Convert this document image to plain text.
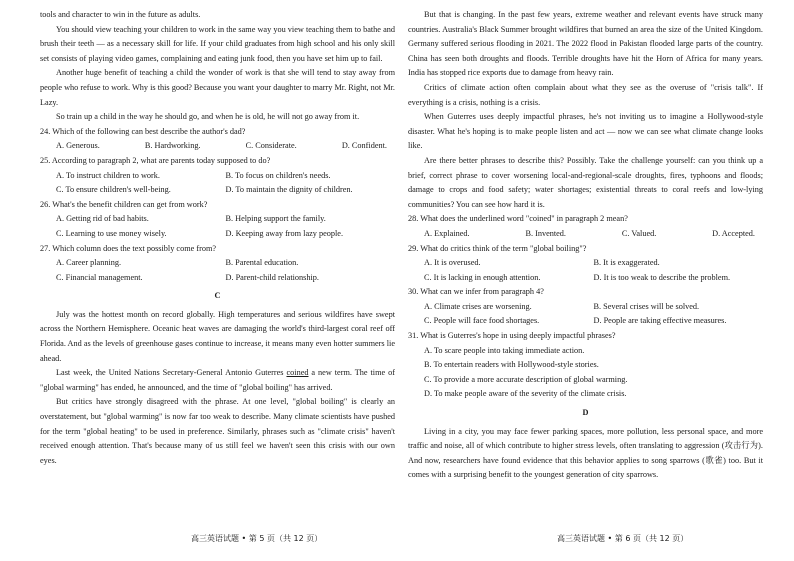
tools and character to win in the future as adults.

You should view teaching your children to work in the same way you view teaching them to bathe and brush their teeth — as a necessary skill for life. If your child graduates from high school and his only skill set consists of playing video games, complaining and eating junk food, then you have set him up to fail.

Another huge benefit of teaching a child the wonder of work is that she will tend to stay away from people who refuse to work. Why is this good? Because you want your daughter to marry Mr. Right, not Mr. Lazy.

So train up a child in the way he should go, and when he is old, he will not go away from it.

24. Which of the following can best describe the author's dad?

A. Generous.	B. Hardworking.	C. Considerate.	D. Confident.

25. According to paragraph 2, what are parents today supposed to do?

A. To instruct children to work.	B. To focus on children's needs.
C. To ensure children's well-being.	D. To maintain the dignity of children.

26. What's the benefit children can get from work?

A. Getting rid of bad habits.	B. Helping support the family.
C. Learning to use money wisely.	D. Keeping away from lazy people.

27. Which column does the text possibly come from?

A. Career planning.	B. Parental education.
C. Financial management.	D. Parent-child relationship.

C

July was the hottest month on record globally. High temperatures and serious wildfires have swept across the Northern Hemisphere. Oceanic heat waves are damaging the world's third-largest coral reef off Florida. And as the levels of greenhouse gases continue to increase, it means many even hotter summers lie ahead.

Last week, the United Nations Secretary-General Antonio Guterres coined a new term. The time of "global warming" has ended, he announced, and the time of "global boiling" has arrived.

But critics have strongly disagreed with the phrase. At one level, "global boiling" is clearly an overstatement, but "global warming" is now far too weak to describe. Many climate scientists have pushed for the term "global heating" to be used in preference. Similarly, phrases such as "climate crisis" haven't received enough attention. That's because many of us still feel we haven't seen this crisis with our own eyes.

But that is changing. In the past few years, extreme weather and relevant events have struck many countries. Australia's Black Summer brought wildfires that burned an area the size of the United Kingdom. Germany suffered serious flooding in 2021. The 2022 flood in Pakistan flooded large parts of the country. China has seen both droughts and floods. Terrible droughts have hit the Horn of Africa for many years. India has stopped rice exports due to damage from heavy rain.

Critics of climate action often complain about what they see as the overuse of "crisis talk". If everything is a crisis, nothing is a crisis.

When Guterres uses deeply impactful phrases, he's not inviting us to imagine a Hollywood-style disaster. What he's hoping is to make people listen and act — now we can see what climate change looks like.

Are there better phrases to describe this? Possibly. Take the challenge yourself: can you think up a brief, correct phrase to cover worsening local-and-regional-scale droughts, fires, typhoons and floods; damage to crops and food safety; water shortages; existential threats to coral reefs and low-lying communities? You can see how hard it is.

28. What does the underlined word "coined" in paragraph 2 mean?

A. Explained.	B. Invented.	C. Valued.	D. Accepted.

29. What do critics think of the term "global boiling"?

A. It is overused.	B. It is exaggerated.
C. It is lacking in enough attention.	D. It is too weak to describe the problem.

30. What can we infer from paragraph 4?

A. Climate crises are worsening.	B. Several crises will be solved.
C. People will face food shortages.	D. People are taking effective measures.

31. What is Guterres's hope in using deeply impactful phrases?

A. To scare people into taking immediate action.
B. To entertain readers with Hollywood-style stories.
C. To provide a more accurate description of global warming.
D. To make people aware of the severity of the climate crisis.

D

Living in a city, you may face fewer parking spaces, more pollution, less personal space, and more traffic and noise, all of which contribute to higher stress levels, often translating to aggression (攻击行为). And now, researchers have found evidence that this behavior applies to song sparrows (歌雀) too. But it comes with a surprising benefit to the youngest generation of city sparrows.

高三英语试题 • 第 5 页（共 12 页）	高三英语试题 • 第 6 页（共 12 页）
